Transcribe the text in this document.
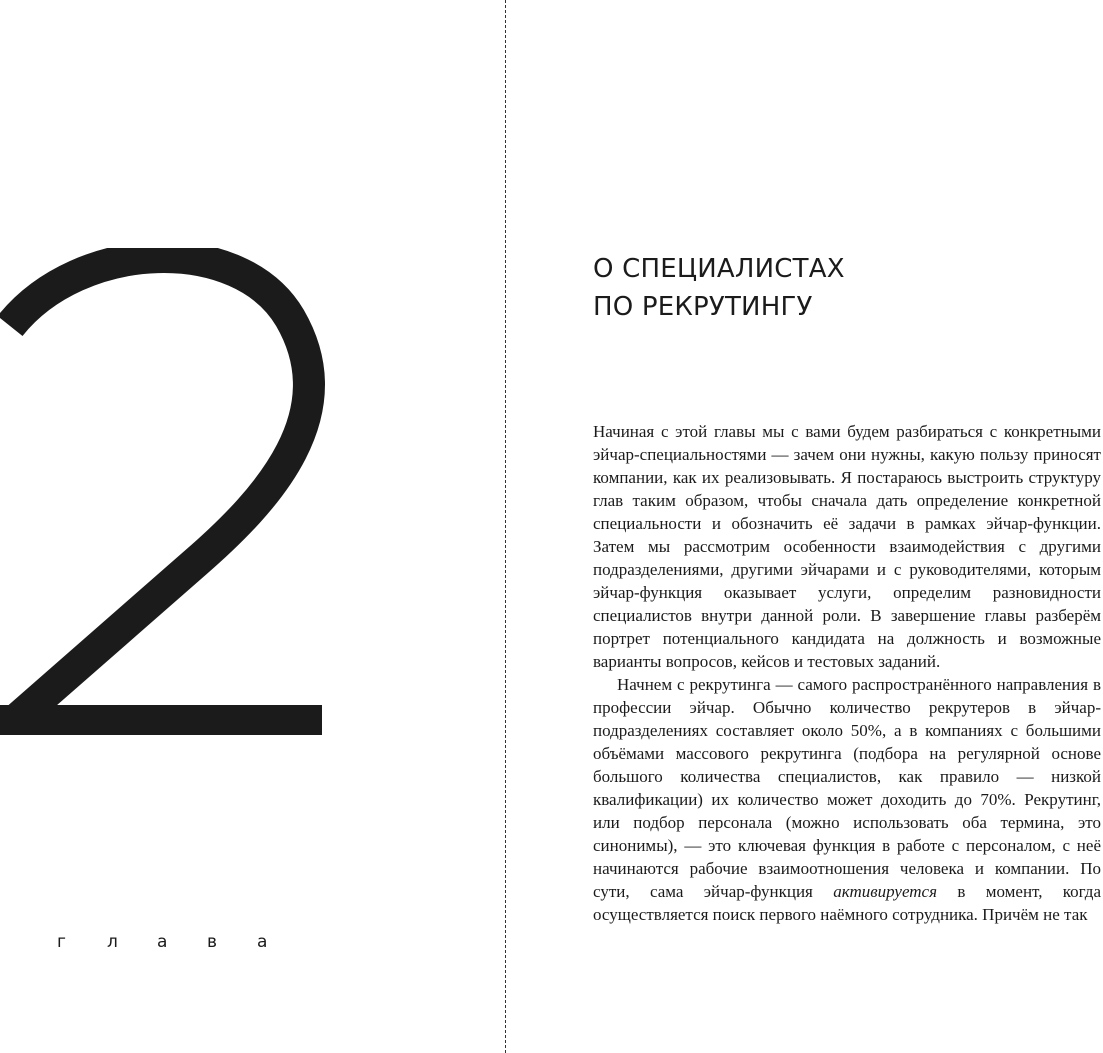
г	л	а	в	а
О СПЕЦИАЛИСТАХ
ПО РЕКРУТИНГУ

Начиная с этой главы мы с вами будем разбираться с конкретными эйчар-специальностями — зачем они нужны, какую пользу приносят компании, как их реализовывать. Я постараюсь выстроить структуру глав таким образом, чтобы сначала дать определение конкретной специальности и обозначить её задачи в рамках эйчар-функции. Затем мы рассмотрим особенности взаимодействия с другими подразделениями, другими эйчарами и с руководителями, которым эйчар-функция оказывает услуги, определим разновидности специалистов внутри данной роли. В завершение главы разберём портрет потенциального кандидата на должность и возможные варианты вопросов, кейсов и тестовых заданий.

Начнем с рекрутинга — самого распространённого направления в профессии эйчар. Обычно количество рекрутеров в эйчар-подразделениях составляет около 50%, а в компаниях с большими объёмами массового рекрутинга (подбора на регулярной основе большого количества специалистов, как правило — низкой квалификации) их количество может доходить до 70%. Рекрутинг, или подбор персонала (можно использовать оба термина, это синонимы), — это ключевая функция в работе с персоналом, с неё начинаются рабочие взаимоотношения человека и компании. По сути, сама эйчар-функция активируется в момент, когда осуществляется поиск первого наёмного сотрудника. Причём не так
